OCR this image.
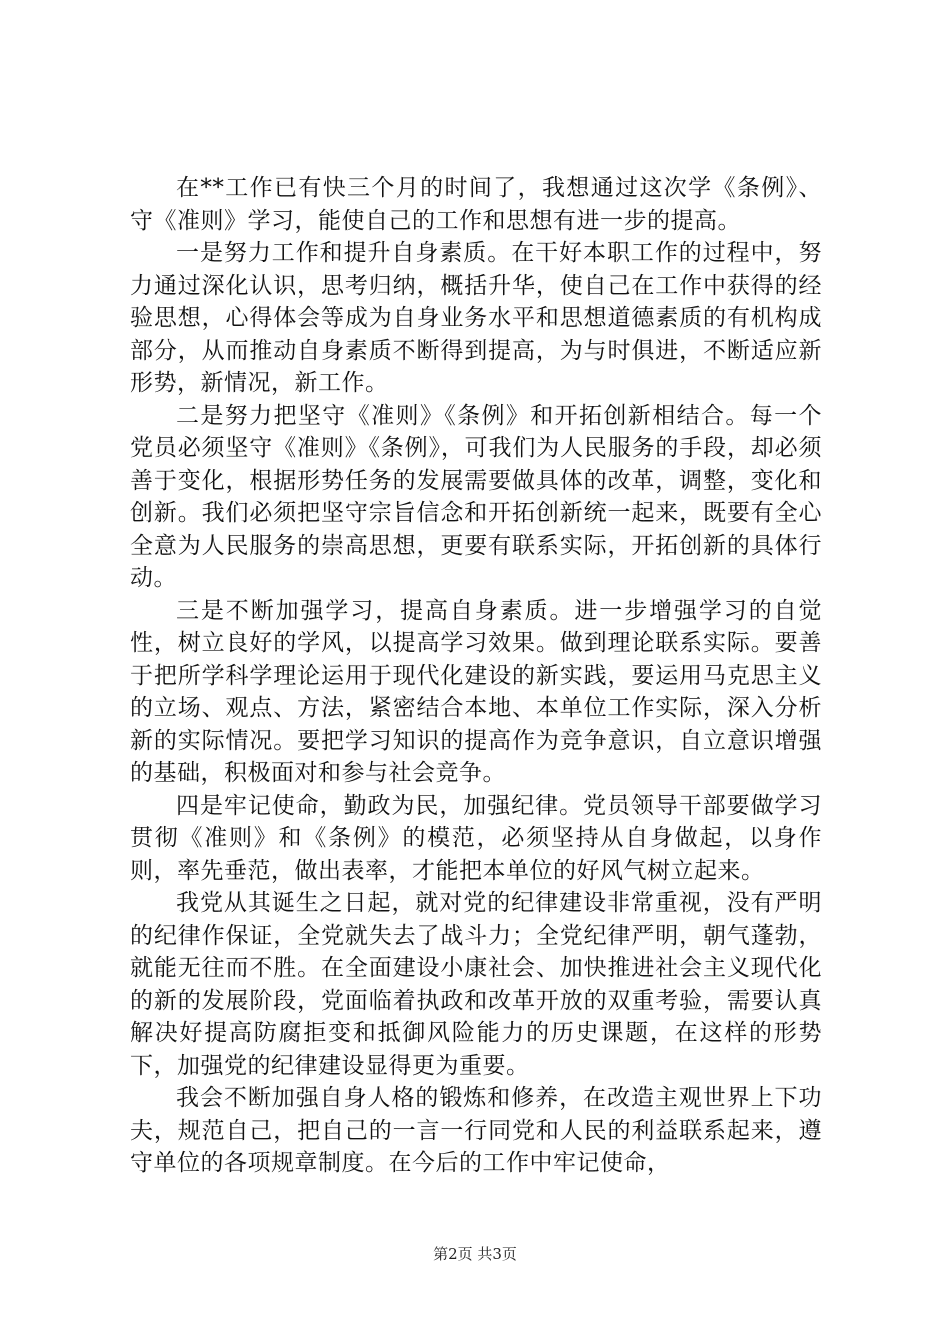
在**工作已有快三个月的时间了，我想通过这次学《条例》、守《准则》学习，能使自己的工作和思想有进一步的提高。

一是努力工作和提升自身素质。在干好本职工作的过程中，努力通过深化认识，思考归纳，概括升华，使自己在工作中获得的经验思想，心得体会等成为自身业务水平和思想道德素质的有机构成部分，从而推动自身素质不断得到提高，为与时俱进，不断适应新形势，新情况，新工作。

二是努力把坚守《准则》《条例》和开拓创新相结合。每一个党员必须坚守《准则》《条例》，可我们为人民服务的手段，却必须善于变化，根据形势任务的发展需要做具体的改革，调整，变化和创新。我们必须把坚守宗旨信念和开拓创新统一起来，既要有全心全意为人民服务的崇高思想，更要有联系实际，开拓创新的具体行动。

三是不断加强学习，提高自身素质。进一步增强学习的自觉性，树立良好的学风，以提高学习效果。做到理论联系实际。要善于把所学科学理论运用于现代化建设的新实践，要运用马克思主义的立场、观点、方法，紧密结合本地、本单位工作实际，深入分析新的实际情况。要把学习知识的提高作为竞争意识，自立意识增强的基础，积极面对和参与社会竞争。

四是牢记使命，勤政为民，加强纪律。党员领导干部要做学习贯彻《准则》和《条例》的模范，必须坚持从自身做起，以身作则，率先垂范，做出表率，才能把本单位的好风气树立起来。

我党从其诞生之日起，就对党的纪律建设非常重视，没有严明的纪律作保证，全党就失去了战斗力；全党纪律严明，朝气蓬勃，就能无往而不胜。在全面建设小康社会、加快推进社会主义现代化的新的发展阶段，党面临着执政和改革开放的双重考验，需要认真解决好提高防腐拒变和抵御风险能力的历史课题，在这样的形势下，加强党的纪律建设显得更为重要。

我会不断加强自身人格的锻炼和修养，在改造主观世界上下功夫，规范自己，把自己的一言一行同党和人民的利益联系起来，遵守单位的各项规章制度。在今后的工作中牢记使命，

第2页 共3页
